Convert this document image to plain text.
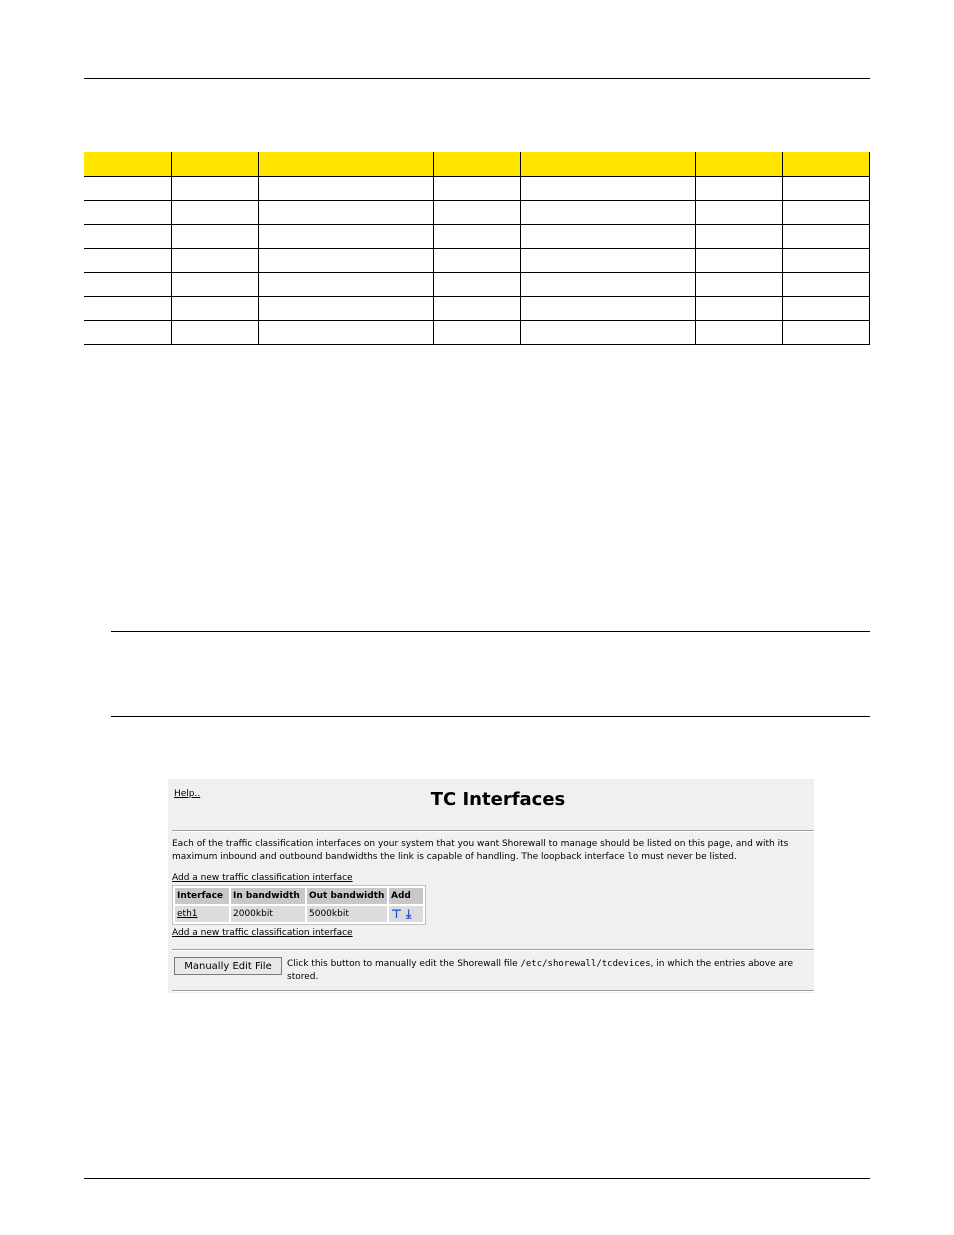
Help..	TC Interfaces
Each of the traffic classification interfaces on your system that you want Shorewall to manage should be listed on this page, and with its maximum inbound and outbound bandwidths the link is capable of handling. The loopback interface lo must never be listed.
Add a new traffic classification interface
Interface	In bandwidth	Out bandwidth	Add
eth1	2000kbit	5000kbit	⊤ ⤓
Add a new traffic classification interface
Manually Edit File	Click this button to manually edit the Shorewall file /etc/shorewall/tcdevices, in which the entries above are stored.
